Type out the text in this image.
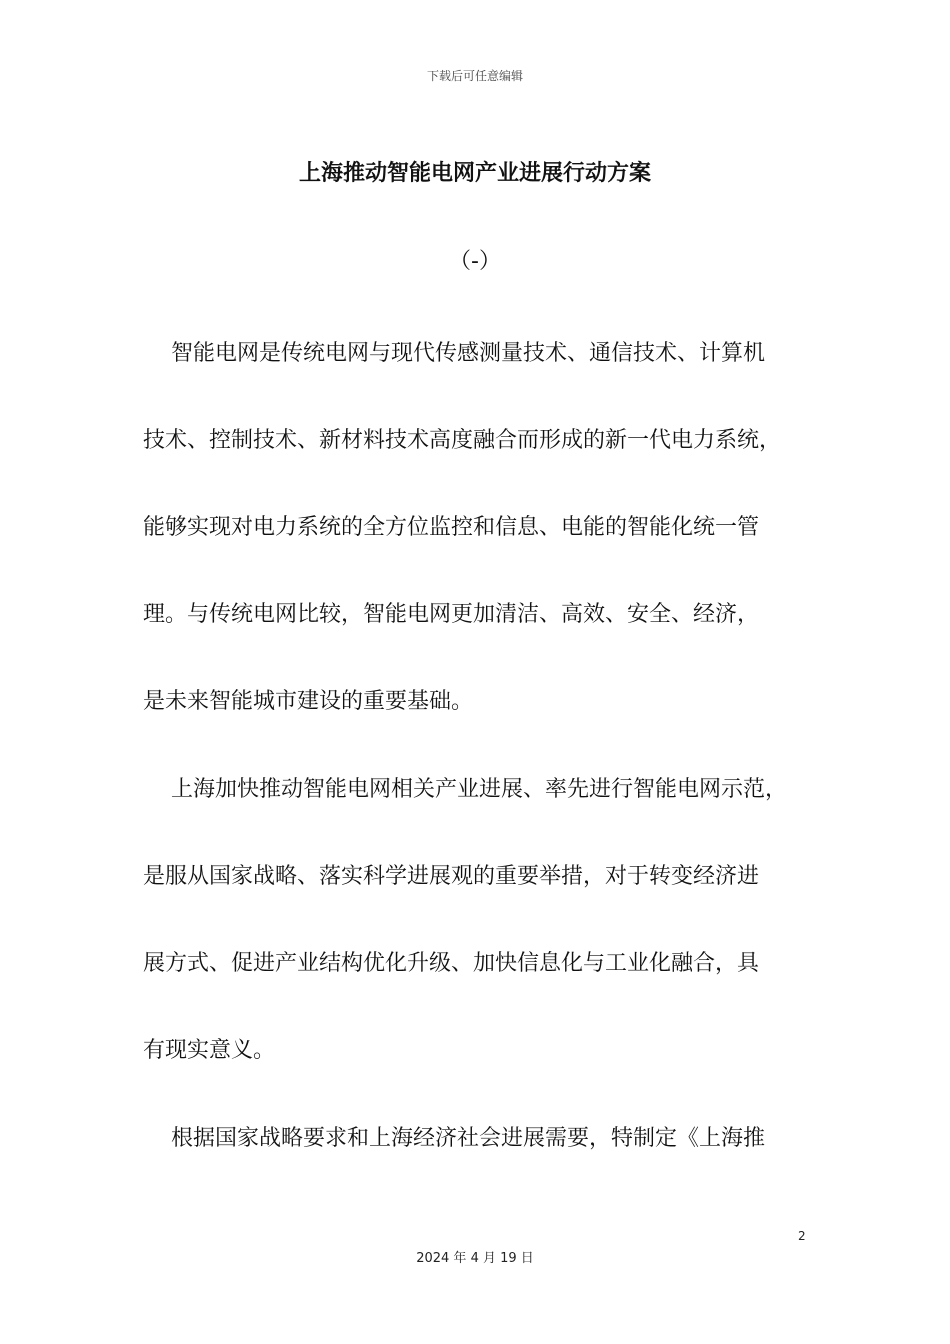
下载后可任意编辑
上海推动智能电网产业进展行动方案
（-）
智能电网是传统电网与现代传感测量技术、通信技术、计算机
技术、控制技术、新材料技术高度融合而形成的新一代电力系统，
能够实现对电力系统的全方位监控和信息、电能的智能化统一管
理。与传统电网比较，智能电网更加清洁、高效、安全、经济，
是未来智能城市建设的重要基础。
上海加快推动智能电网相关产业进展、率先进行智能电网示范，
是服从国家战略、落实科学进展观的重要举措，对于转变经济进
展方式、促进产业结构优化升级、加快信息化与工业化融合，具
有现实意义。
根据国家战略要求和上海经济社会进展需要，特制定《上海推
2
2024 年 4 月 19 日
